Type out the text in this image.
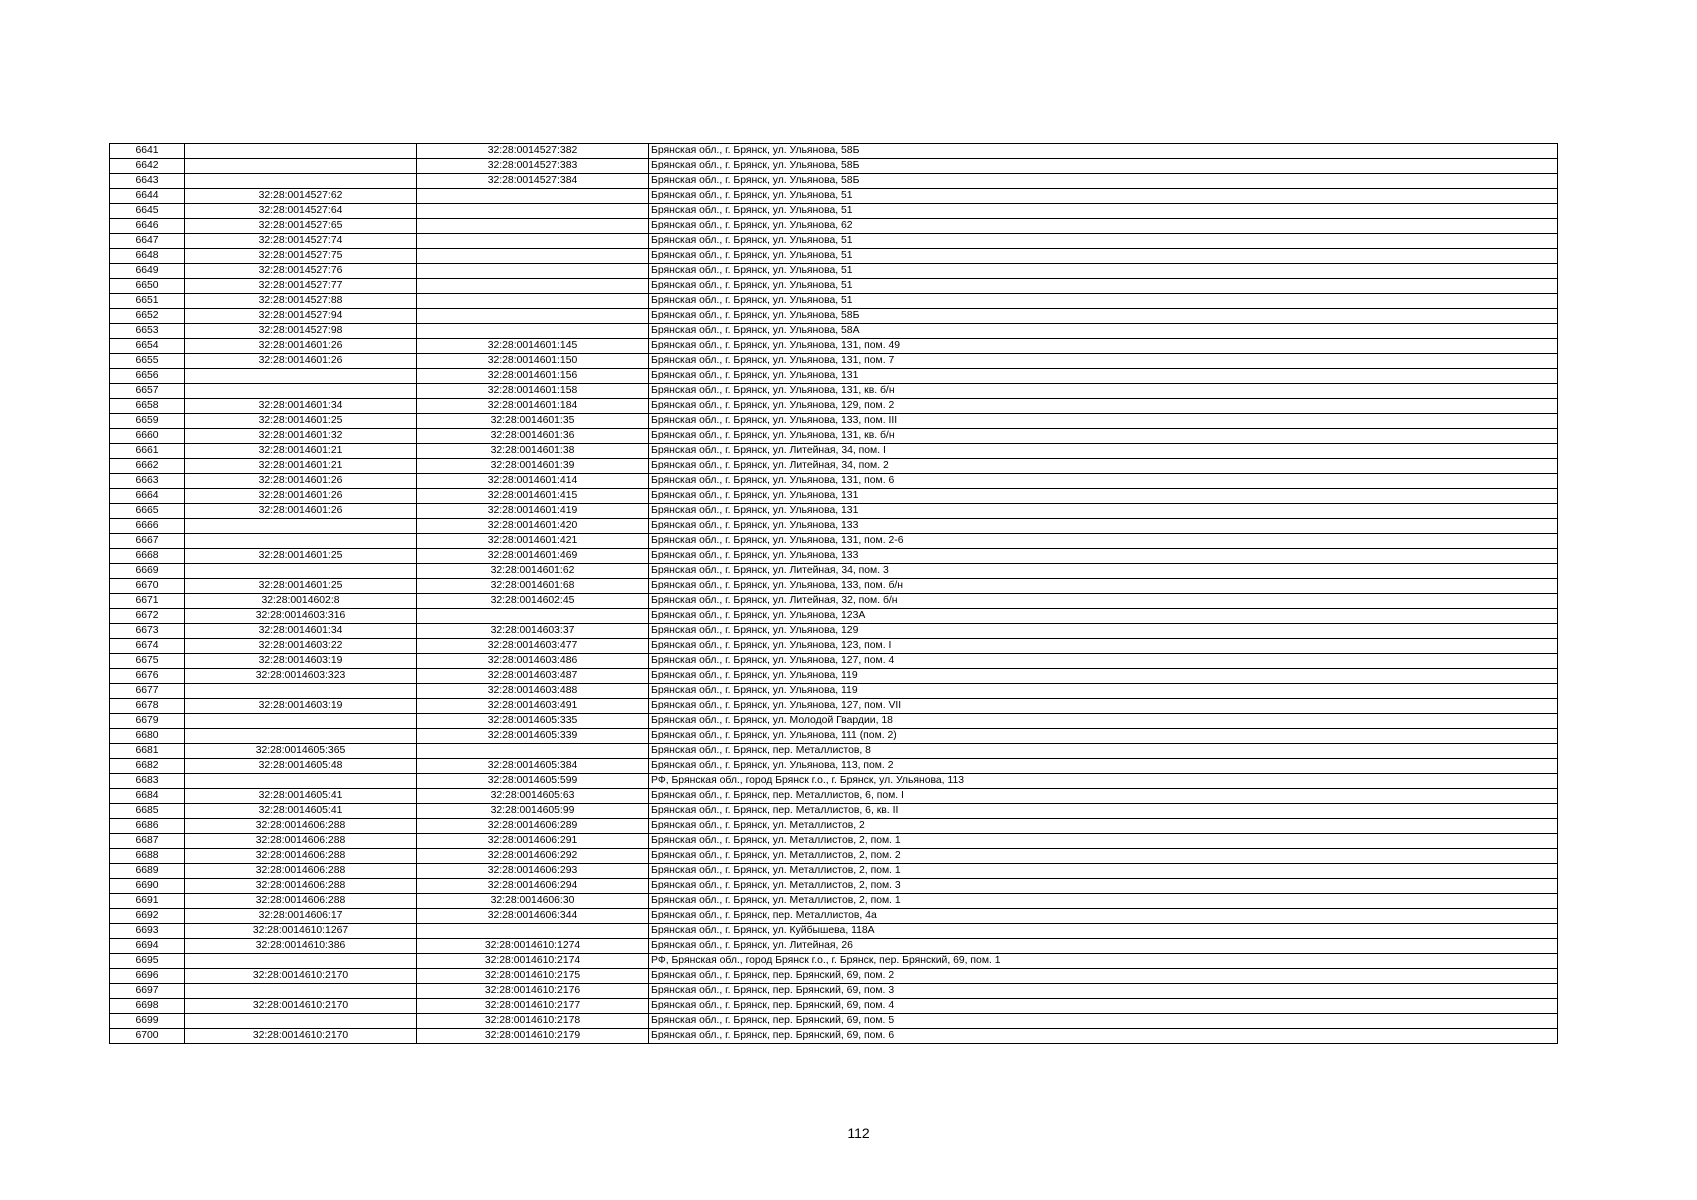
6641		32:28:0014527:382	Брянская обл., г. Брянск, ул. Ульянова, 58Б
6642		32:28:0014527:383	Брянская обл., г. Брянск, ул. Ульянова, 58Б
6643		32:28:0014527:384	Брянская обл., г. Брянск, ул. Ульянова, 58Б
6644	32:28:0014527:62		Брянская обл., г. Брянск, ул. Ульянова, 51
6645	32:28:0014527:64		Брянская обл., г. Брянск, ул. Ульянова, 51
6646	32:28:0014527:65		Брянская обл., г. Брянск, ул. Ульянова, 62
6647	32:28:0014527:74		Брянская обл., г. Брянск, ул. Ульянова, 51
6648	32:28:0014527:75		Брянская обл., г. Брянск, ул. Ульянова, 51
6649	32:28:0014527:76		Брянская обл., г. Брянск, ул. Ульянова, 51
6650	32:28:0014527:77		Брянская обл., г. Брянск, ул. Ульянова, 51
6651	32:28:0014527:88		Брянская обл., г. Брянск, ул. Ульянова, 51
6652	32:28:0014527:94		Брянская обл., г. Брянск, ул. Ульянова, 58Б
6653	32:28:0014527:98		Брянская обл., г. Брянск, ул. Ульянова, 58А
6654	32:28:0014601:26	32:28:0014601:145	Брянская обл., г. Брянск, ул. Ульянова, 131, пом. 49
6655	32:28:0014601:26	32:28:0014601:150	Брянская обл., г. Брянск, ул. Ульянова, 131, пом. 7
6656		32:28:0014601:156	Брянская обл., г. Брянск, ул. Ульянова, 131
6657		32:28:0014601:158	Брянская обл., г. Брянск, ул. Ульянова, 131, кв. б/н
6658	32:28:0014601:34	32:28:0014601:184	Брянская обл., г. Брянск, ул. Ульянова, 129, пом. 2
6659	32:28:0014601:25	32:28:0014601:35	Брянская обл., г. Брянск, ул. Ульянова, 133, пом. III
6660	32:28:0014601:32	32:28:0014601:36	Брянская обл., г. Брянск, ул. Ульянова, 131, кв. б/н
6661	32:28:0014601:21	32:28:0014601:38	Брянская обл., г. Брянск, ул. Литейная, 34, пом. I
6662	32:28:0014601:21	32:28:0014601:39	Брянская обл., г. Брянск, ул. Литейная, 34, пом. 2
6663	32:28:0014601:26	32:28:0014601:414	Брянская обл., г. Брянск, ул. Ульянова, 131, пом. 6
6664	32:28:0014601:26	32:28:0014601:415	Брянская обл., г. Брянск, ул. Ульянова, 131
6665	32:28:0014601:26	32:28:0014601:419	Брянская обл., г. Брянск, ул. Ульянова, 131
6666		32:28:0014601:420	Брянская обл., г. Брянск, ул. Ульянова, 133
6667		32:28:0014601:421	Брянская обл., г. Брянск, ул. Ульянова, 131, пом. 2-6
6668	32:28:0014601:25	32:28:0014601:469	Брянская обл., г. Брянск, ул. Ульянова, 133
6669		32:28:0014601:62	Брянская обл., г. Брянск, ул. Литейная, 34, пом. 3
6670	32:28:0014601:25	32:28:0014601:68	Брянская обл., г. Брянск, ул. Ульянова, 133, пом. б/н
6671	32:28:0014602:8	32:28:0014602:45	Брянская обл., г. Брянск, ул. Литейная, 32, пом. б/н
6672	32:28:0014603:316		Брянская обл., г. Брянск, ул. Ульянова, 123А
6673	32:28:0014601:34	32:28:0014603:37	Брянская обл., г. Брянск, ул. Ульянова, 129
6674	32:28:0014603:22	32:28:0014603:477	Брянская обл., г. Брянск, ул. Ульянова, 123, пом. I
6675	32:28:0014603:19	32:28:0014603:486	Брянская обл., г. Брянск, ул. Ульянова, 127, пом. 4
6676	32:28:0014603:323	32:28:0014603:487	Брянская обл., г. Брянск, ул. Ульянова, 119
6677		32:28:0014603:488	Брянская обл., г. Брянск, ул. Ульянова, 119
6678	32:28:0014603:19	32:28:0014603:491	Брянская обл., г. Брянск, ул. Ульянова, 127, пом. VII
6679		32:28:0014605:335	Брянская обл., г. Брянск, ул. Молодой Гвардии, 18
6680		32:28:0014605:339	Брянская обл., г. Брянск, ул. Ульянова, 111 (пом. 2)
6681	32:28:0014605:365		Брянская обл., г. Брянск, пер. Металлистов, 8
6682	32:28:0014605:48	32:28:0014605:384	Брянская обл., г. Брянск, ул. Ульянова, 113, пом. 2
6683		32:28:0014605:599	РФ, Брянская обл., город Брянск г.о., г. Брянск, ул. Ульянова, 113
6684	32:28:0014605:41	32:28:0014605:63	Брянская обл., г. Брянск, пер. Металлистов, 6, пом. I
6685	32:28:0014605:41	32:28:0014605:99	Брянская обл., г. Брянск, пер. Металлистов, 6, кв. II
6686	32:28:0014606:288	32:28:0014606:289	Брянская обл., г. Брянск, ул. Металлистов, 2
6687	32:28:0014606:288	32:28:0014606:291	Брянская обл., г. Брянск, ул. Металлистов, 2, пом. 1
6688	32:28:0014606:288	32:28:0014606:292	Брянская обл., г. Брянск, ул. Металлистов, 2, пом. 2
6689	32:28:0014606:288	32:28:0014606:293	Брянская обл., г. Брянск, ул. Металлистов, 2, пом. 1
6690	32:28:0014606:288	32:28:0014606:294	Брянская обл., г. Брянск, ул. Металлистов, 2, пом. 3
6691	32:28:0014606:288	32:28:0014606:30	Брянская обл., г. Брянск, ул. Металлистов, 2, пом. 1
6692	32:28:0014606:17	32:28:0014606:344	Брянская обл., г. Брянск, пер. Металлистов, 4а
6693	32:28:0014610:1267		Брянская обл., г. Брянск, ул. Куйбышева, 118А
6694	32:28:0014610:386	32:28:0014610:1274	Брянская обл., г. Брянск, ул. Литейная, 26
6695		32:28:0014610:2174	РФ, Брянская обл., город Брянск г.о., г. Брянск, пер. Брянский, 69, пом. 1
6696	32:28:0014610:2170	32:28:0014610:2175	Брянская обл., г. Брянск, пер. Брянский, 69, пом. 2
6697		32:28:0014610:2176	Брянская обл., г. Брянск, пер. Брянский, 69, пом. 3
6698	32:28:0014610:2170	32:28:0014610:2177	Брянская обл., г. Брянск, пер. Брянский, 69, пом. 4
6699		32:28:0014610:2178	Брянская обл., г. Брянск, пер. Брянский, 69, пом. 5
6700	32:28:0014610:2170	32:28:0014610:2179	Брянская обл., г. Брянск, пер. Брянский, 69, пом. 6
112
